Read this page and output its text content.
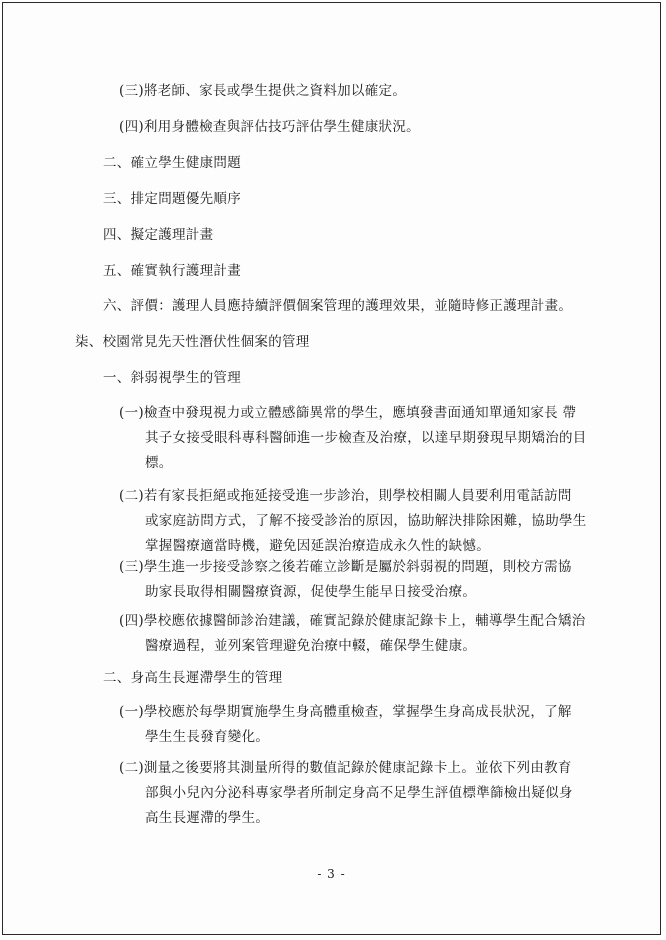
(三)將老師、家長或學生提供之資料加以確定。
(四)利用身體檢查與評估技巧評估學生健康狀況。
二、確立學生健康問題
三、排定問題優先順序
四、擬定護理計畫
五、確實執行護理計畫
六、評價：護理人員應持續評價個案管理的護理效果，並隨時修正護理計畫。
柒、校園常見先天性潛伏性個案的管理
一、斜弱視學生的管理
(一)檢查中發現視力或立體感篩異常的學生，應填發書面通知單通知家長 帶
其子女接受眼科專科醫師進一步檢查及治療，以達早期發現早期矯治的目
標。
(二)若有家長拒絕或拖延接受進一步診治，則學校相關人員要利用電話訪問
或家庭訪問方式，了解不接受診治的原因，協助解決排除困難，協助學生
掌握醫療適當時機，避免因延誤治療造成永久性的缺憾。
(三)學生進一步接受診察之後若確立診斷是屬於斜弱視的問題，則校方需協
助家長取得相關醫療資源，促使學生能早日接受治療。
(四)學校應依據醫師診治建議，確實記錄於健康記錄卡上，輔導學生配合矯治
醫療過程，並列案管理避免治療中輟，確保學生健康。
二、身高生長遲滯學生的管理
(一)學校應於每學期實施學生身高體重檢查，掌握學生身高成長狀況，了解
學生生長發育變化。
(二)測量之後要將其測量所得的數值記錄於健康記錄卡上。並依下列由教育
部與小兒內分泌科專家學者所制定身高不足學生評值標準篩檢出疑似身
高生長遲滯的學生。
- 3 -
